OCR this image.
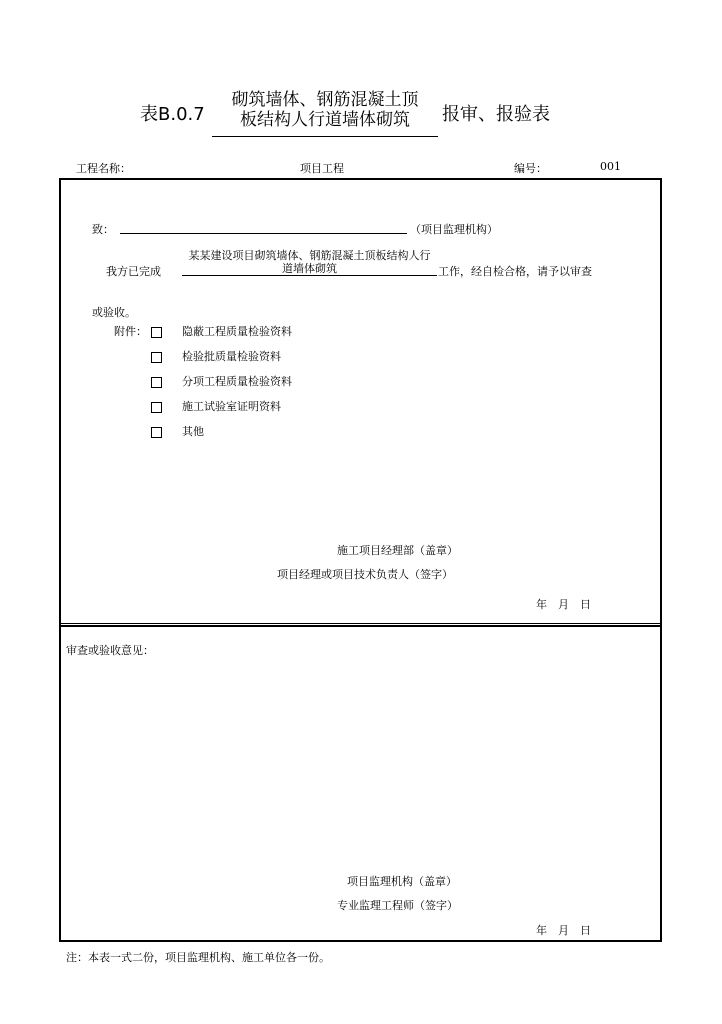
表B.0.7
砌筑墙体、钢筋混凝土顶
板结构人行道墙体砌筑	报审、报验表
工程名称：	项目工程	编号：	001
致：	（项目监理机构）
我方已完成
某某建设项目砌筑墙体、钢筋混凝土顶板结构人行
道墙体砌筑	工作，经自检合格，请予以审查
或验收。
附件：	隐蔽工程质量检验资料
检验批质量检验资料
分项工程质量检验资料
施工试验室证明资料
其他
施工项目经理部（盖章）
项目经理或项目技术负责人（签字）
年　月　日
审查或验收意见：
项目监理机构（盖章）
专业监理工程师（签字）
年　月　日
注：本表一式二份，项目监理机构、施工单位各一份。
